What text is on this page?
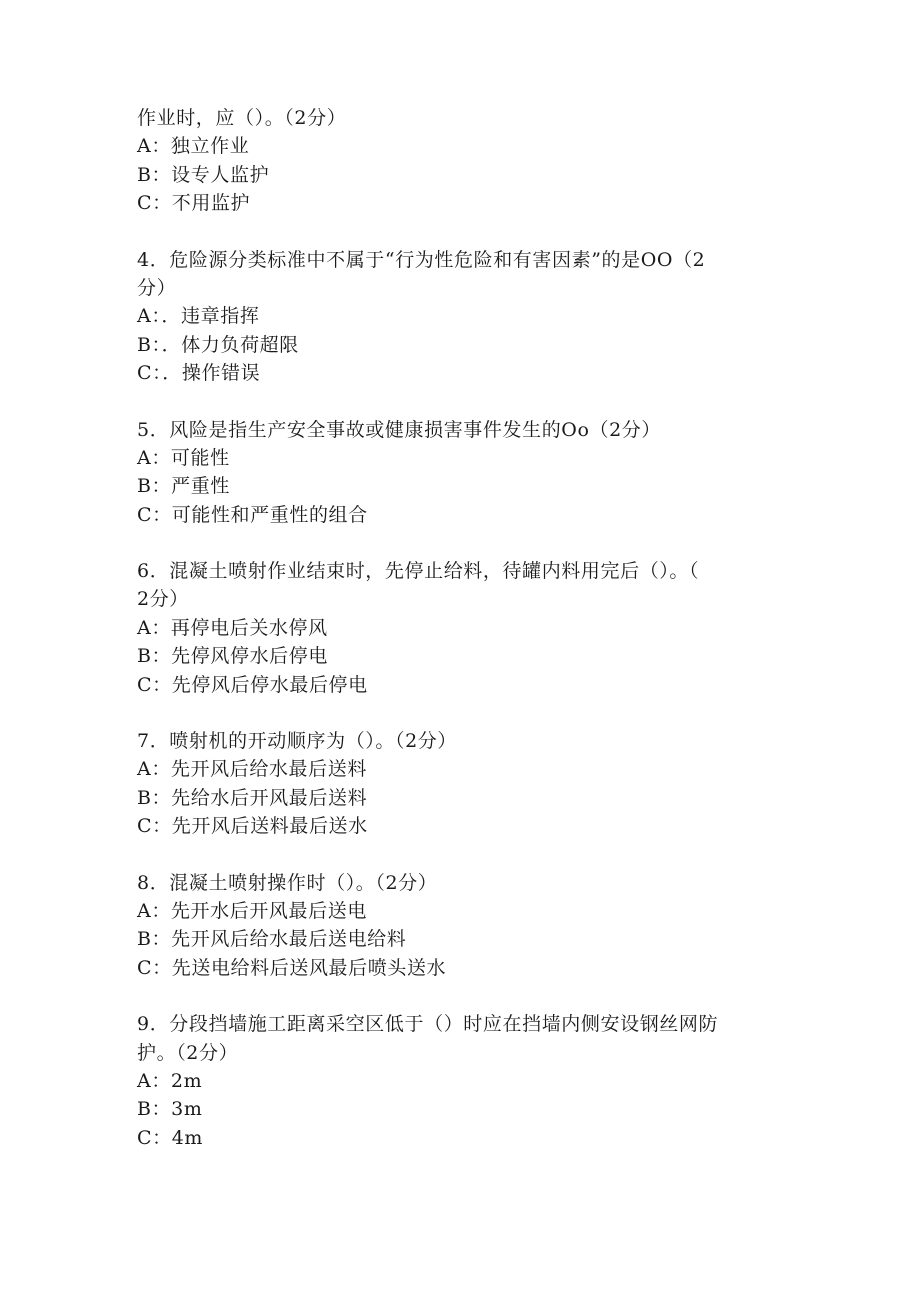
作业时，应（）。（2分）
A：独立作业
B：设专人监护
C：不用监护
4．危险源分类标准中不属于“行为性危险和有害因素”的是OO（2
分）
A：．违章指挥
B：．体力负荷超限
C：．操作错误
5．风险是指生产安全事故或健康损害事件发生的Oo（2分）
A：可能性
B：严重性
C：可能性和严重性的组合
6．混凝土喷射作业结束时，先停止给料，待罐内料用完后（）。（
2分）
A：再停电后关水停风
B：先停风停水后停电
C：先停风后停水最后停电
7．喷射机的开动顺序为（）。（2分）
A：先开风后给水最后送料
B：先给水后开风最后送料
C：先开风后送料最后送水
8．混凝土喷射操作时（）。（2分）
A：先开水后开风最后送电
B：先开风后给水最后送电给料
C：先送电给料后送风最后喷头送水
9．分段挡墙施工距离采空区低于（）时应在挡墙内侧安设钢丝网防
护。（2分）
A：2m
B：3m
C：4m
